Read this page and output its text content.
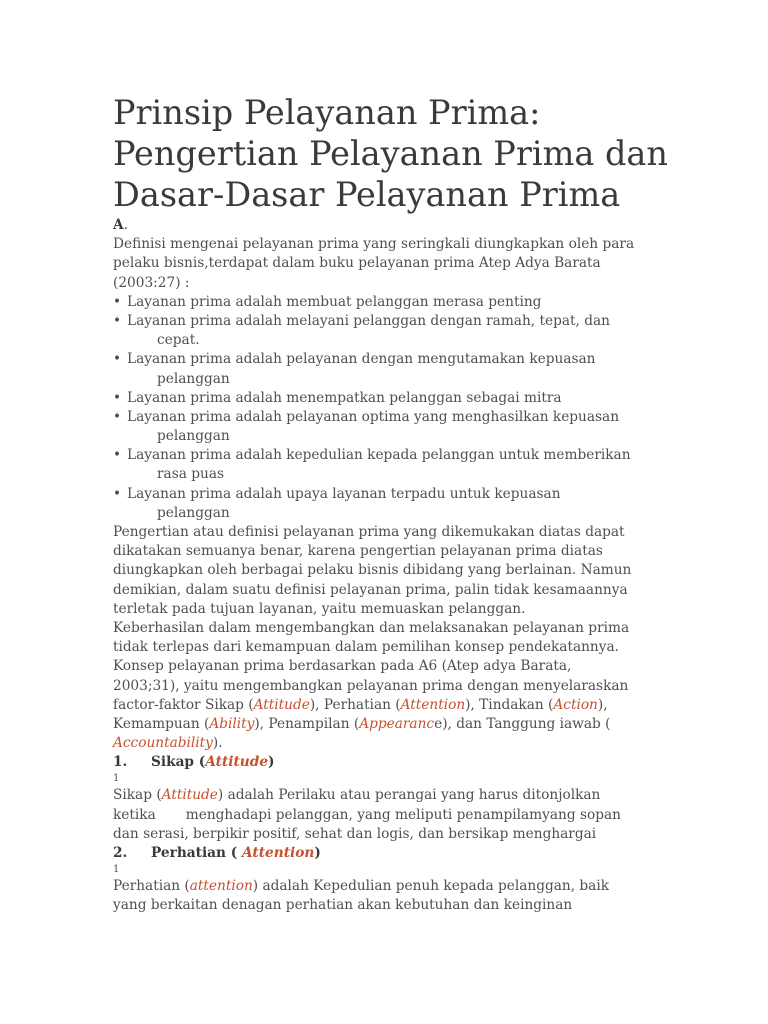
Prinsip Pelayanan Prima:
Pengertian Pelayanan Prima dan
Dasar-Dasar Pelayanan Prima
A.
Definisi mengenai pelayanan prima yang seringkali diungkapkan oleh para
pelaku bisnis,terdapat dalam buku pelayanan prima Atep Adya Barata
(2003:27) :
• Layanan prima adalah membuat pelanggan merasa penting
• Layanan prima adalah melayani pelanggan dengan ramah, tepat, dan
cepat.
• Layanan prima adalah pelayanan dengan mengutamakan kepuasan
pelanggan
• Layanan prima adalah menempatkan pelanggan sebagai mitra
• Layanan prima adalah pelayanan optima yang menghasilkan kepuasan
pelanggan
• Layanan prima adalah kepedulian kepada pelanggan untuk memberikan
rasa puas
• Layanan prima adalah upaya layanan terpadu untuk kepuasan
pelanggan
Pengertian atau definisi pelayanan prima yang dikemukakan diatas dapat
dikatakan semuanya benar, karena pengertian pelayanan prima diatas
diungkapkan oleh berbagai pelaku bisnis dibidang yang berlainan. Namun
demikian, dalam suatu definisi pelayanan prima, palin tidak kesamaannya
terletak pada tujuan layanan, yaitu memuaskan pelanggan.
Keberhasilan dalam mengembangkan dan melaksanakan pelayanan prima
tidak terlepas dari kemampuan dalam pemilihan konsep pendekatannya.
Konsep pelayanan prima berdasarkan pada A6 (Atep adya Barata,
2003;31), yaitu mengembangkan pelayanan prima dengan menyelaraskan
factor-faktor Sikap (Attitude), Perhatian (Attention), Tindakan (Action),
Kemampuan (Ability), Penampilan (Appearance), dan Tanggung iawab (
Accountability).
1. Sikap (Attitude)
1
Sikap (Attitude) adalah Perilaku atau perangai yang harus ditonjolkan
ketika menghadapi pelanggan, yang meliputi penampilamyang sopan
dan serasi, berpikir positif, sehat dan logis, dan bersikap menghargai
2. Perhatian ( Attention)
1
Perhatian (attention) adalah Kepedulian penuh kepada pelanggan, baik
yang berkaitan denagan perhatian akan kebutuhan dan keinginan
